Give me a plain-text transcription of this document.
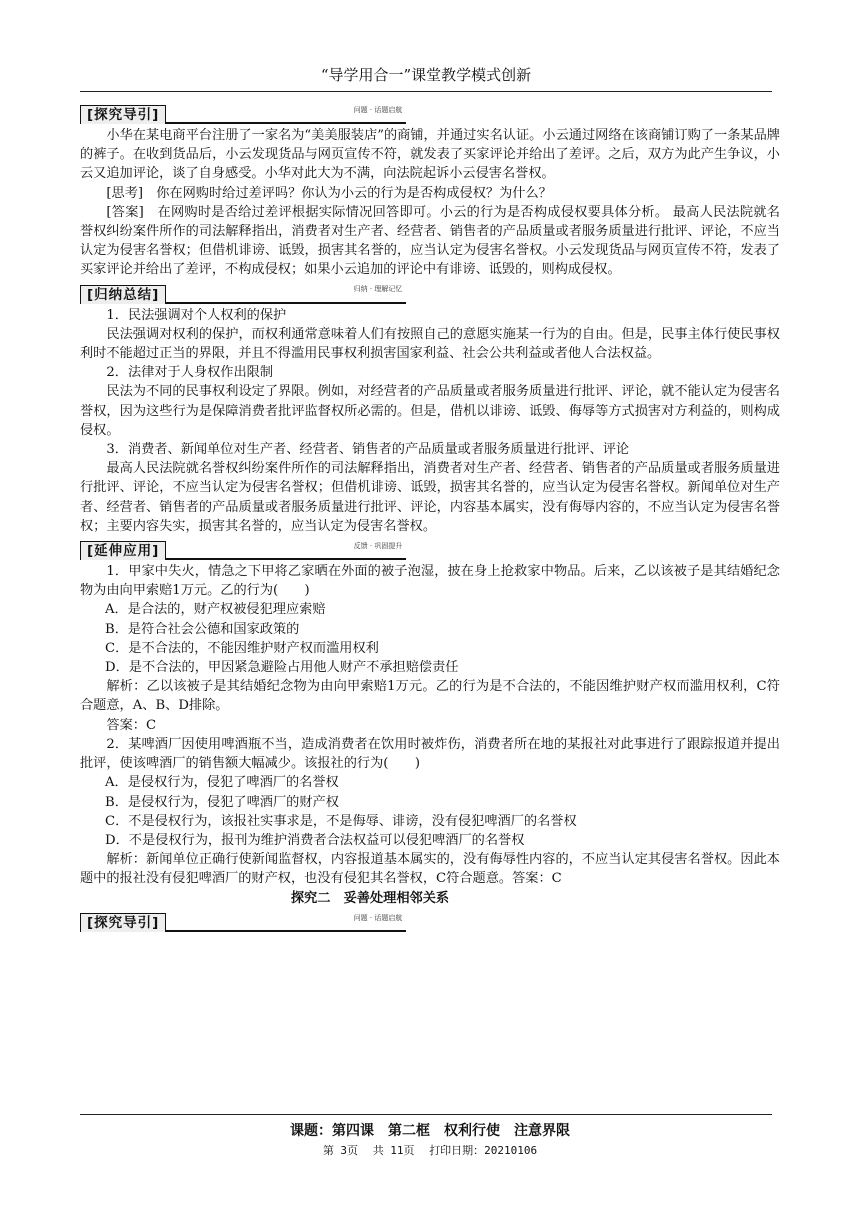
“导学用合一”课堂教学模式创新
[探究导引]	问题 · 话题启航

小华在某电商平台注册了一家名为“美美服装店”的商铺，并通过实名认证。小云通过网络在该商铺订购了一条某品牌的裤子。在收到货品后，小云发现货品与网页宣传不符，就发表了买家评论并给出了差评。之后，双方为此产生争议，小云又追加评论，谈了自身感受。小华对此大为不满，向法院起诉小云侵害名誉权。

[思考]　你在网购时给过差评吗？你认为小云的行为是否构成侵权？为什么？

[答案]　在网购时是否给过差评根据实际情况回答即可。小云的行为是否构成侵权要具体分析。 最高人民法院就名誉权纠纷案件所作的司法解释指出，消费者对生产者、经营者、销售者的产品质量或者服务质量进行批评、评论，不应当认定为侵害名誉权；但借机诽谤、诋毁，损害其名誉的，应当认定为侵害名誉权。小云发现货品与网页宣传不符，发表了买家评论并给出了差评，不构成侵权；如果小云追加的评论中有诽谤、诋毁的，则构成侵权。

[归纳总结]	归纳 · 理解记忆

1．民法强调对个人权利的保护

民法强调对权利的保护，而权利通常意味着人们有按照自己的意愿实施某一行为的自由。但是，民事主体行使民事权利时不能超过正当的界限，并且不得滥用民事权利损害国家利益、社会公共利益或者他人合法权益。

2．法律对于人身权作出限制

民法为不同的民事权利设定了界限。例如，对经营者的产品质量或者服务质量进行批评、评论，就不能认定为侵害名誉权，因为这些行为是保障消费者批评监督权所必需的。但是，借机以诽谤、诋毁、侮辱等方式损害对方利益的，则构成侵权。

3．消费者、新闻单位对生产者、经营者、销售者的产品质量或者服务质量进行批评、评论

最高人民法院就名誉权纠纷案件所作的司法解释指出，消费者对生产者、经营者、销售者的产品质量或者服务质量进行批评、评论，不应当认定为侵害名誉权；但借机诽谤、诋毁，损害其名誉的，应当认定为侵害名誉权。新闻单位对生产者、经营者、销售者的产品质量或者服务质量进行批评、评论，内容基本属实，没有侮辱内容的，不应当认定为侵害名誉权；主要内容失实，损害其名誉的，应当认定为侵害名誉权。

[延伸应用]	反馈 · 巩固提升

1．甲家中失火，情急之下甲将乙家晒在外面的被子泡湿，披在身上抢救家中物品。后来，乙以该被子是其结婚纪念物为由向甲索赔1万元。乙的行为(　　)

A．是合法的，财产权被侵犯理应索赔

B．是符合社会公德和国家政策的

C．是不合法的，不能因维护财产权而滥用权利

D．是不合法的，甲因紧急避险占用他人财产不承担赔偿责任

解析：乙以该被子是其结婚纪念物为由向甲索赔1万元。乙的行为是不合法的，不能因维护财产权而滥用权利，C符合题意，A、B、D排除。

答案：C

2．某啤酒厂因使用啤酒瓶不当，造成消费者在饮用时被炸伤，消费者所在地的某报社对此事进行了跟踪报道并提出批评，使该啤酒厂的销售额大幅减少。该报社的行为(　　)

A．是侵权行为，侵犯了啤酒厂的名誉权

B．是侵权行为，侵犯了啤酒厂的财产权

C．不是侵权行为，该报社实事求是，不是侮辱、诽谤，没有侵犯啤酒厂的名誉权

D．不是侵权行为，报刊为维护消费者合法权益可以侵犯啤酒厂的名誉权

解析：新闻单位正确行使新闻监督权，内容报道基本属实的，没有侮辱性内容的，不应当认定其侵害名誉权。因此本题中的报社没有侵犯啤酒厂的财产权，也没有侵犯其名誉权，C符合题意。答案：C

探究二　妥善处理相邻关系

[探究导引]	问题 · 话题启航
课题：第四课　第二框　权利行使　注意界限
第 3页 共 11页 打印日期：20210106
